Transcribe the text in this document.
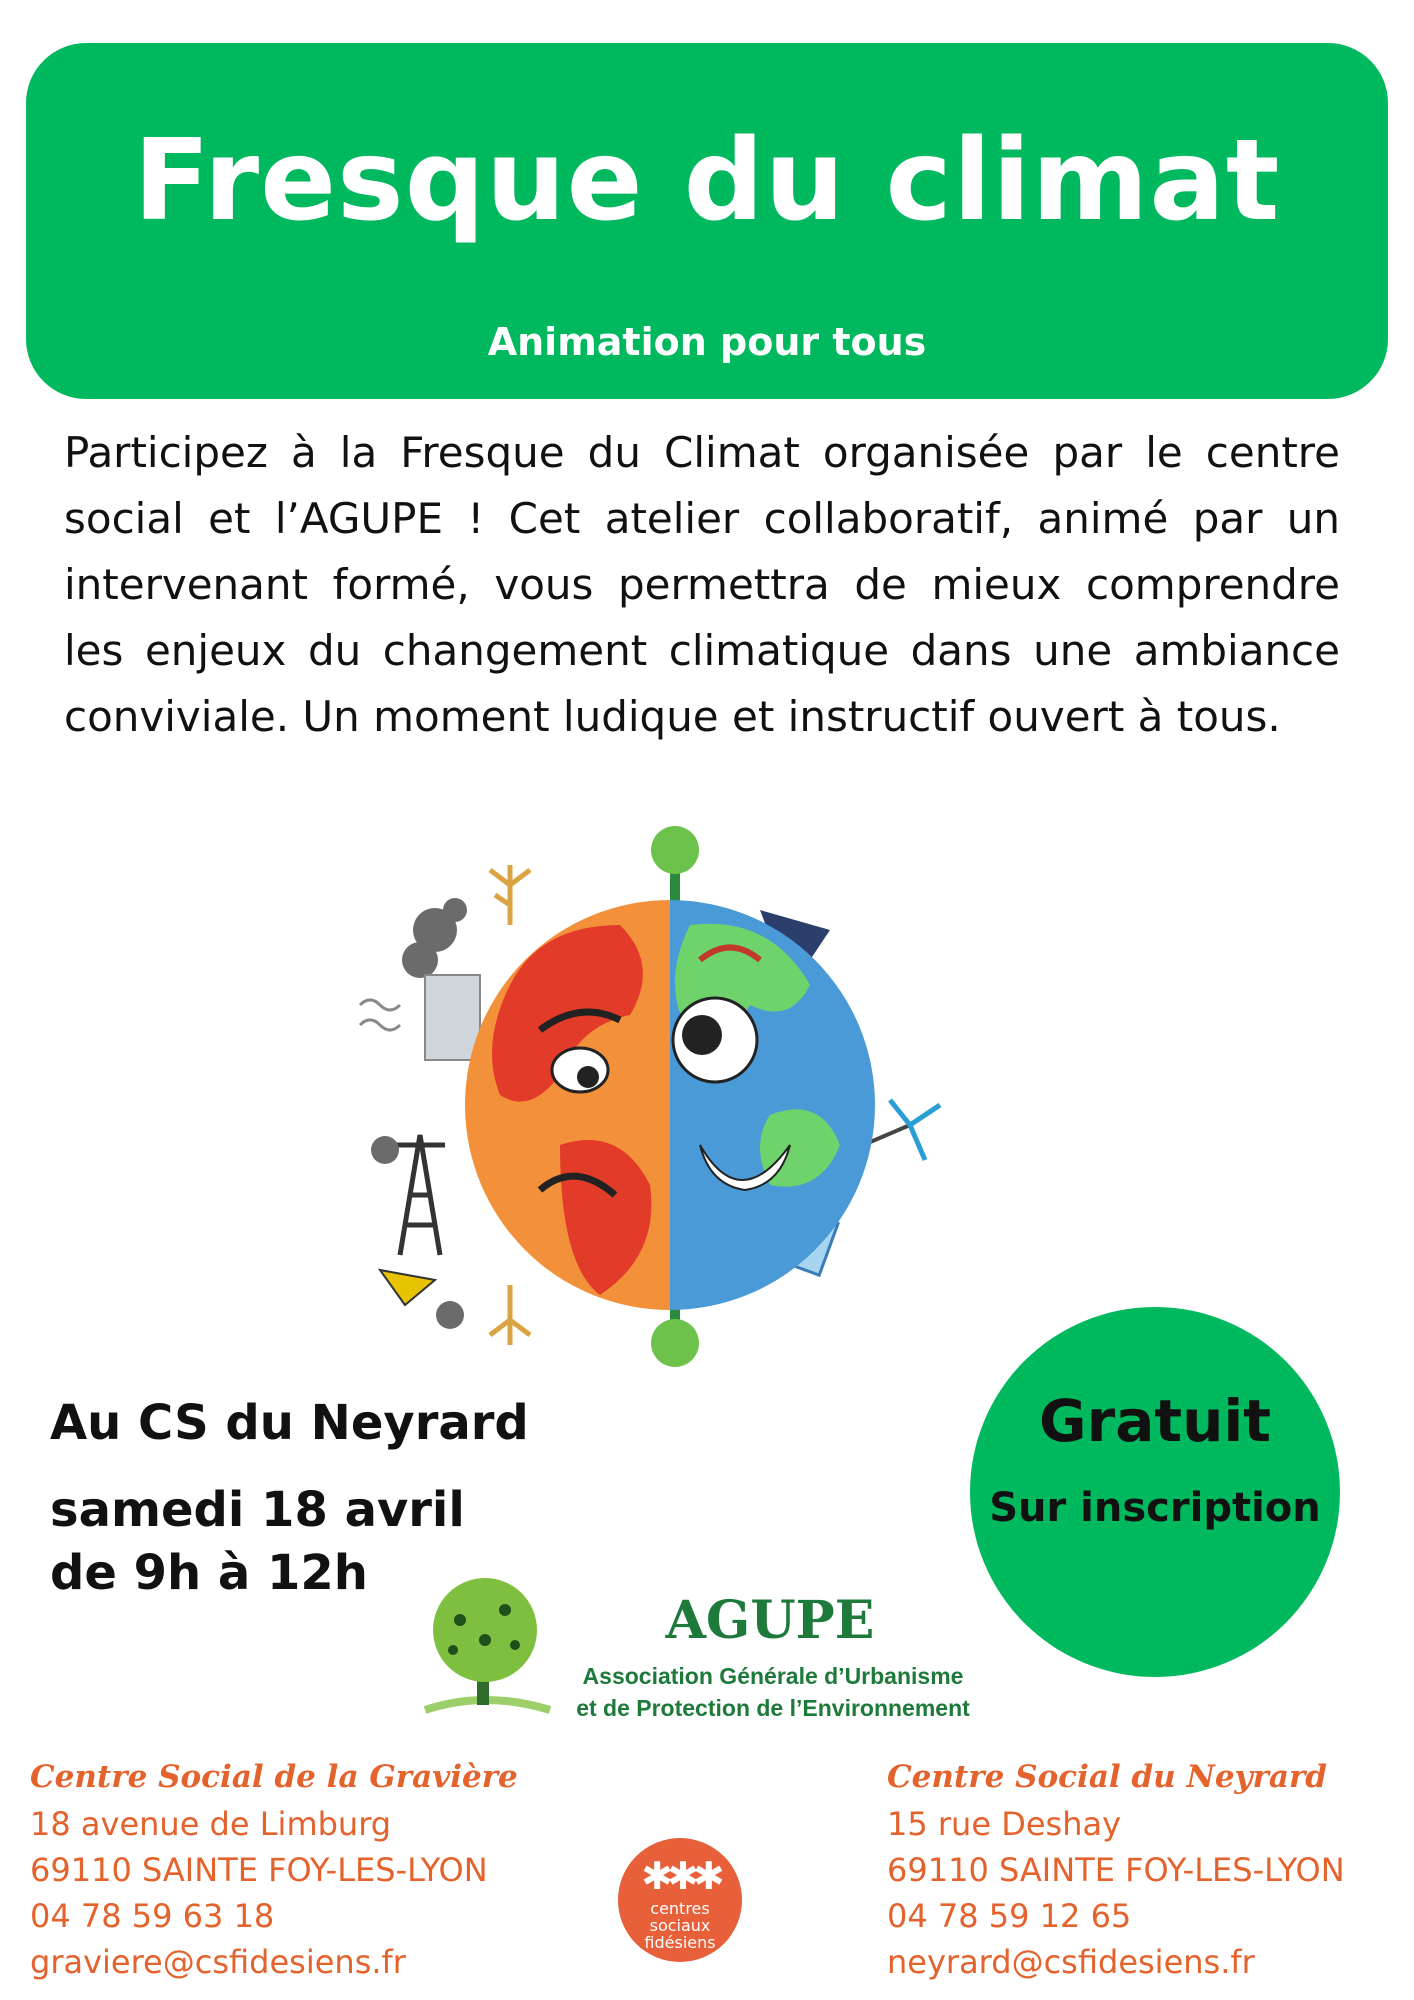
Fresque du climat
Animation pour tous
Participez à la Fresque du Climat organisée par le centre social et l’AGUPE ! Cet atelier collaboratif, animé par un intervenant formé, vous permettra de mieux comprendre les enjeux du changement climatique dans une ambiance conviviale. Un moment ludique et instructif ouvert à tous.
Au CS du Neyrard
samedi 18 avril
de 9h à 12h
Gratuit
Sur inscription
AGUPE
Association Générale d’Urbanisme
et de Protection de l’Environnement
Centre Social de la Gravière
18 avenue de Limburg
69110 SAINTE FOY-LES-LYON
04 78 59 63 18
graviere@csfidesiens.fr
✱✱✱
centres
sociaux
fidésiens
Centre Social du Neyrard
15 rue Deshay
69110 SAINTE FOY-LES-LYON
04 78 59 12 65
neyrard@csfidesiens.fr
